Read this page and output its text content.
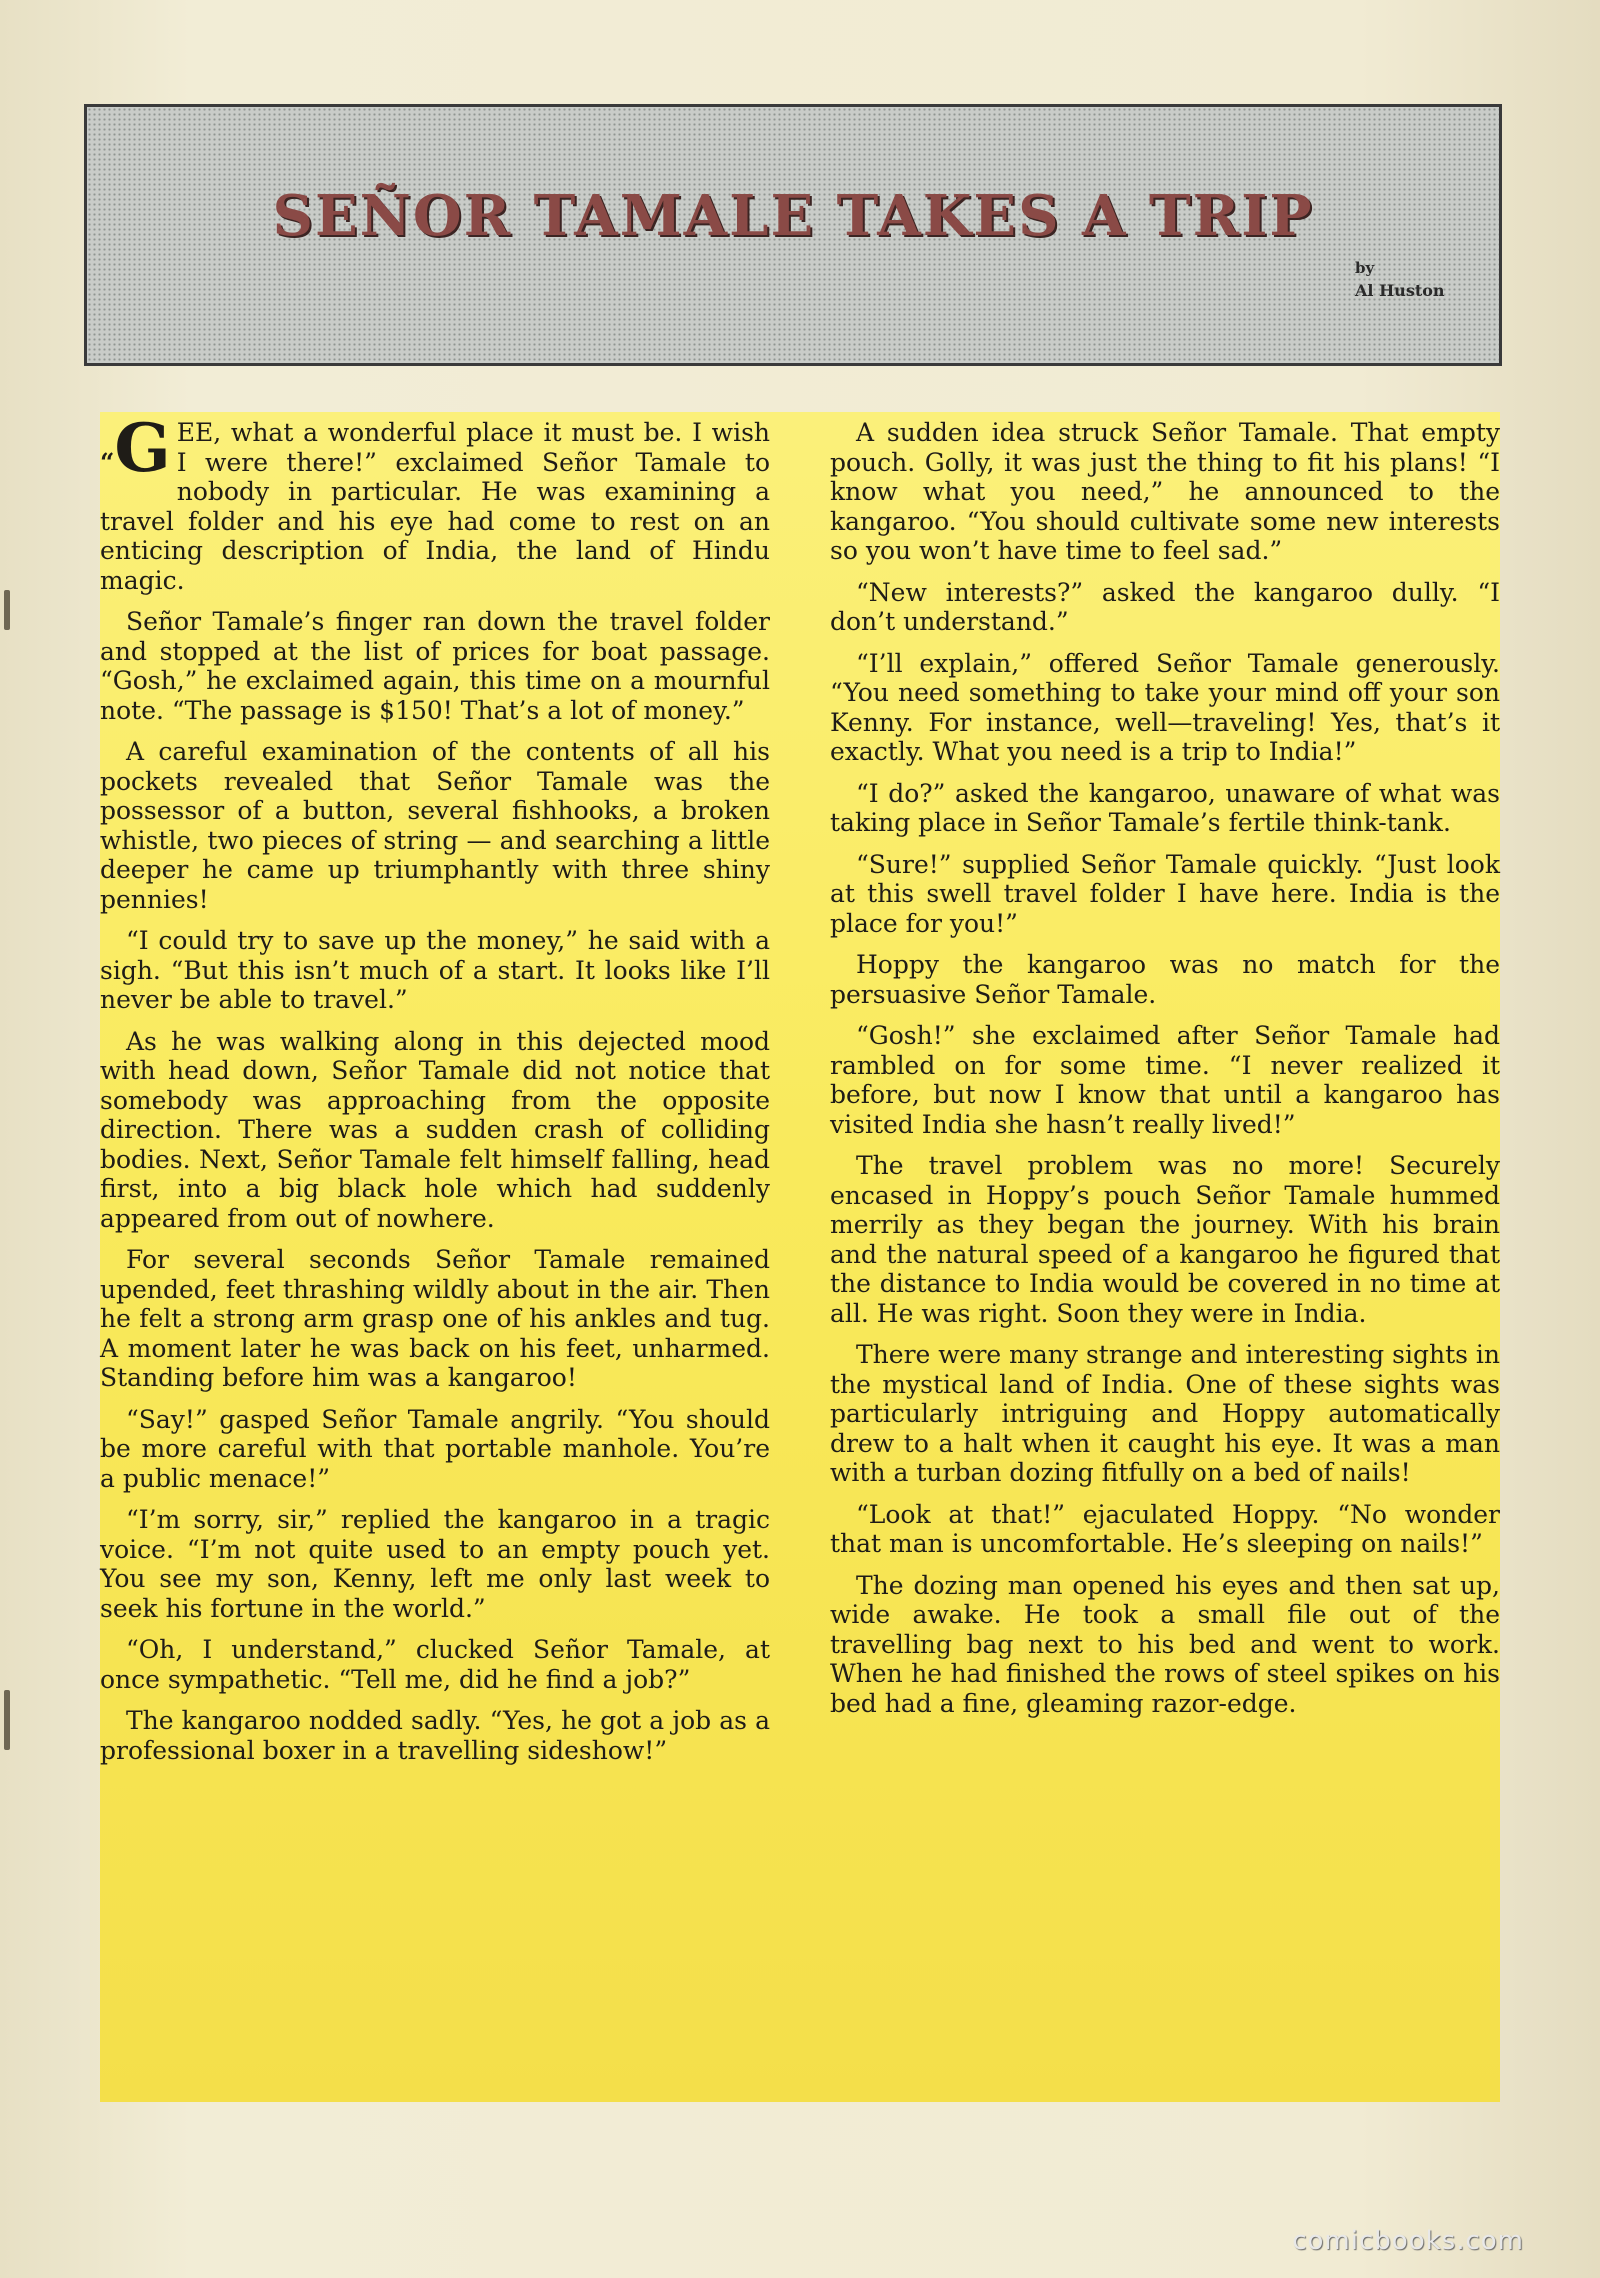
SEÑOR TAMALE TAKES A TRIP
by
Al Huston

“G EE, what a wonderful place it must be. I wish I were there!” exclaimed Señor Tamale to nobody in particular. He was examining a travel folder and his eye had come to rest on an enticing description of India, the land of Hindu magic.

Señor Tamale’s finger ran down the travel folder and stopped at the list of prices for boat passage. “Gosh,” he exclaimed again, this time on a mournful note. “The passage is $150! That’s a lot of money.”

A careful examination of the contents of all his pockets revealed that Señor Tamale was the possessor of a button, several fishhooks, a broken whistle, two pieces of string — and searching a little deeper he came up triumphantly with three shiny pennies!

“I could try to save up the money,” he said with a sigh. “But this isn’t much of a start. It looks like I’ll never be able to travel.”

As he was walking along in this dejected mood with head down, Señor Tamale did not notice that somebody was approaching from the opposite direction. There was a sudden crash of colliding bodies. Next, Señor Tamale felt himself falling, head first, into a big black hole which had suddenly appeared from out of nowhere.

For several seconds Señor Tamale remained upended, feet thrashing wildly about in the air. Then he felt a strong arm grasp one of his ankles and tug. A moment later he was back on his feet, unharmed. Standing before him was a kangaroo!

“Say!” gasped Señor Tamale angrily. “You should be more careful with that portable manhole. You’re a public menace!”

“I’m sorry, sir,” replied the kangaroo in a tragic voice. “I’m not quite used to an empty pouch yet. You see my son, Kenny, left me only last week to seek his fortune in the world.”

“Oh, I understand,” clucked Señor Tamale, at once sympathetic. “Tell me, did he find a job?”

The kangaroo nodded sadly. “Yes, he got a job as a professional boxer in a travelling sideshow!”

A sudden idea struck Señor Tamale. That empty pouch. Golly, it was just the thing to fit his plans! “I know what you need,” he announced to the kangaroo. “You should cultivate some new interests so you won’t have time to feel sad.”

“New interests?” asked the kangaroo dully. “I don’t understand.”

“I’ll explain,” offered Señor Tamale generously. “You need something to take your mind off your son Kenny. For instance, well—traveling! Yes, that’s it exactly. What you need is a trip to India!”

“I do?” asked the kangaroo, unaware of what was taking place in Señor Tamale’s fertile think-tank.

“Sure!” supplied Señor Tamale quickly. “Just look at this swell travel folder I have here. India is the place for you!”

Hoppy the kangaroo was no match for the persuasive Señor Tamale.

“Gosh!” she exclaimed after Señor Tamale had rambled on for some time. “I never realized it before, but now I know that until a kangaroo has visited India she hasn’t really lived!”

The travel problem was no more! Securely encased in Hoppy’s pouch Señor Tamale hummed merrily as they began the journey. With his brain and the natural speed of a kangaroo he figured that the distance to India would be covered in no time at all. He was right. Soon they were in India.

There were many strange and interesting sights in the mystical land of India. One of these sights was particularly intriguing and Hoppy automatically drew to a halt when it caught his eye. It was a man with a turban dozing fitfully on a bed of nails!

“Look at that!” ejaculated Hoppy. “No wonder that man is uncomfortable. He’s sleeping on nails!”

The dozing man opened his eyes and then sat up, wide awake. He took a small file out of the travelling bag next to his bed and went to work. When he had finished the rows of steel spikes on his bed had a fine, gleaming razor-edge.

comicbooks.com
